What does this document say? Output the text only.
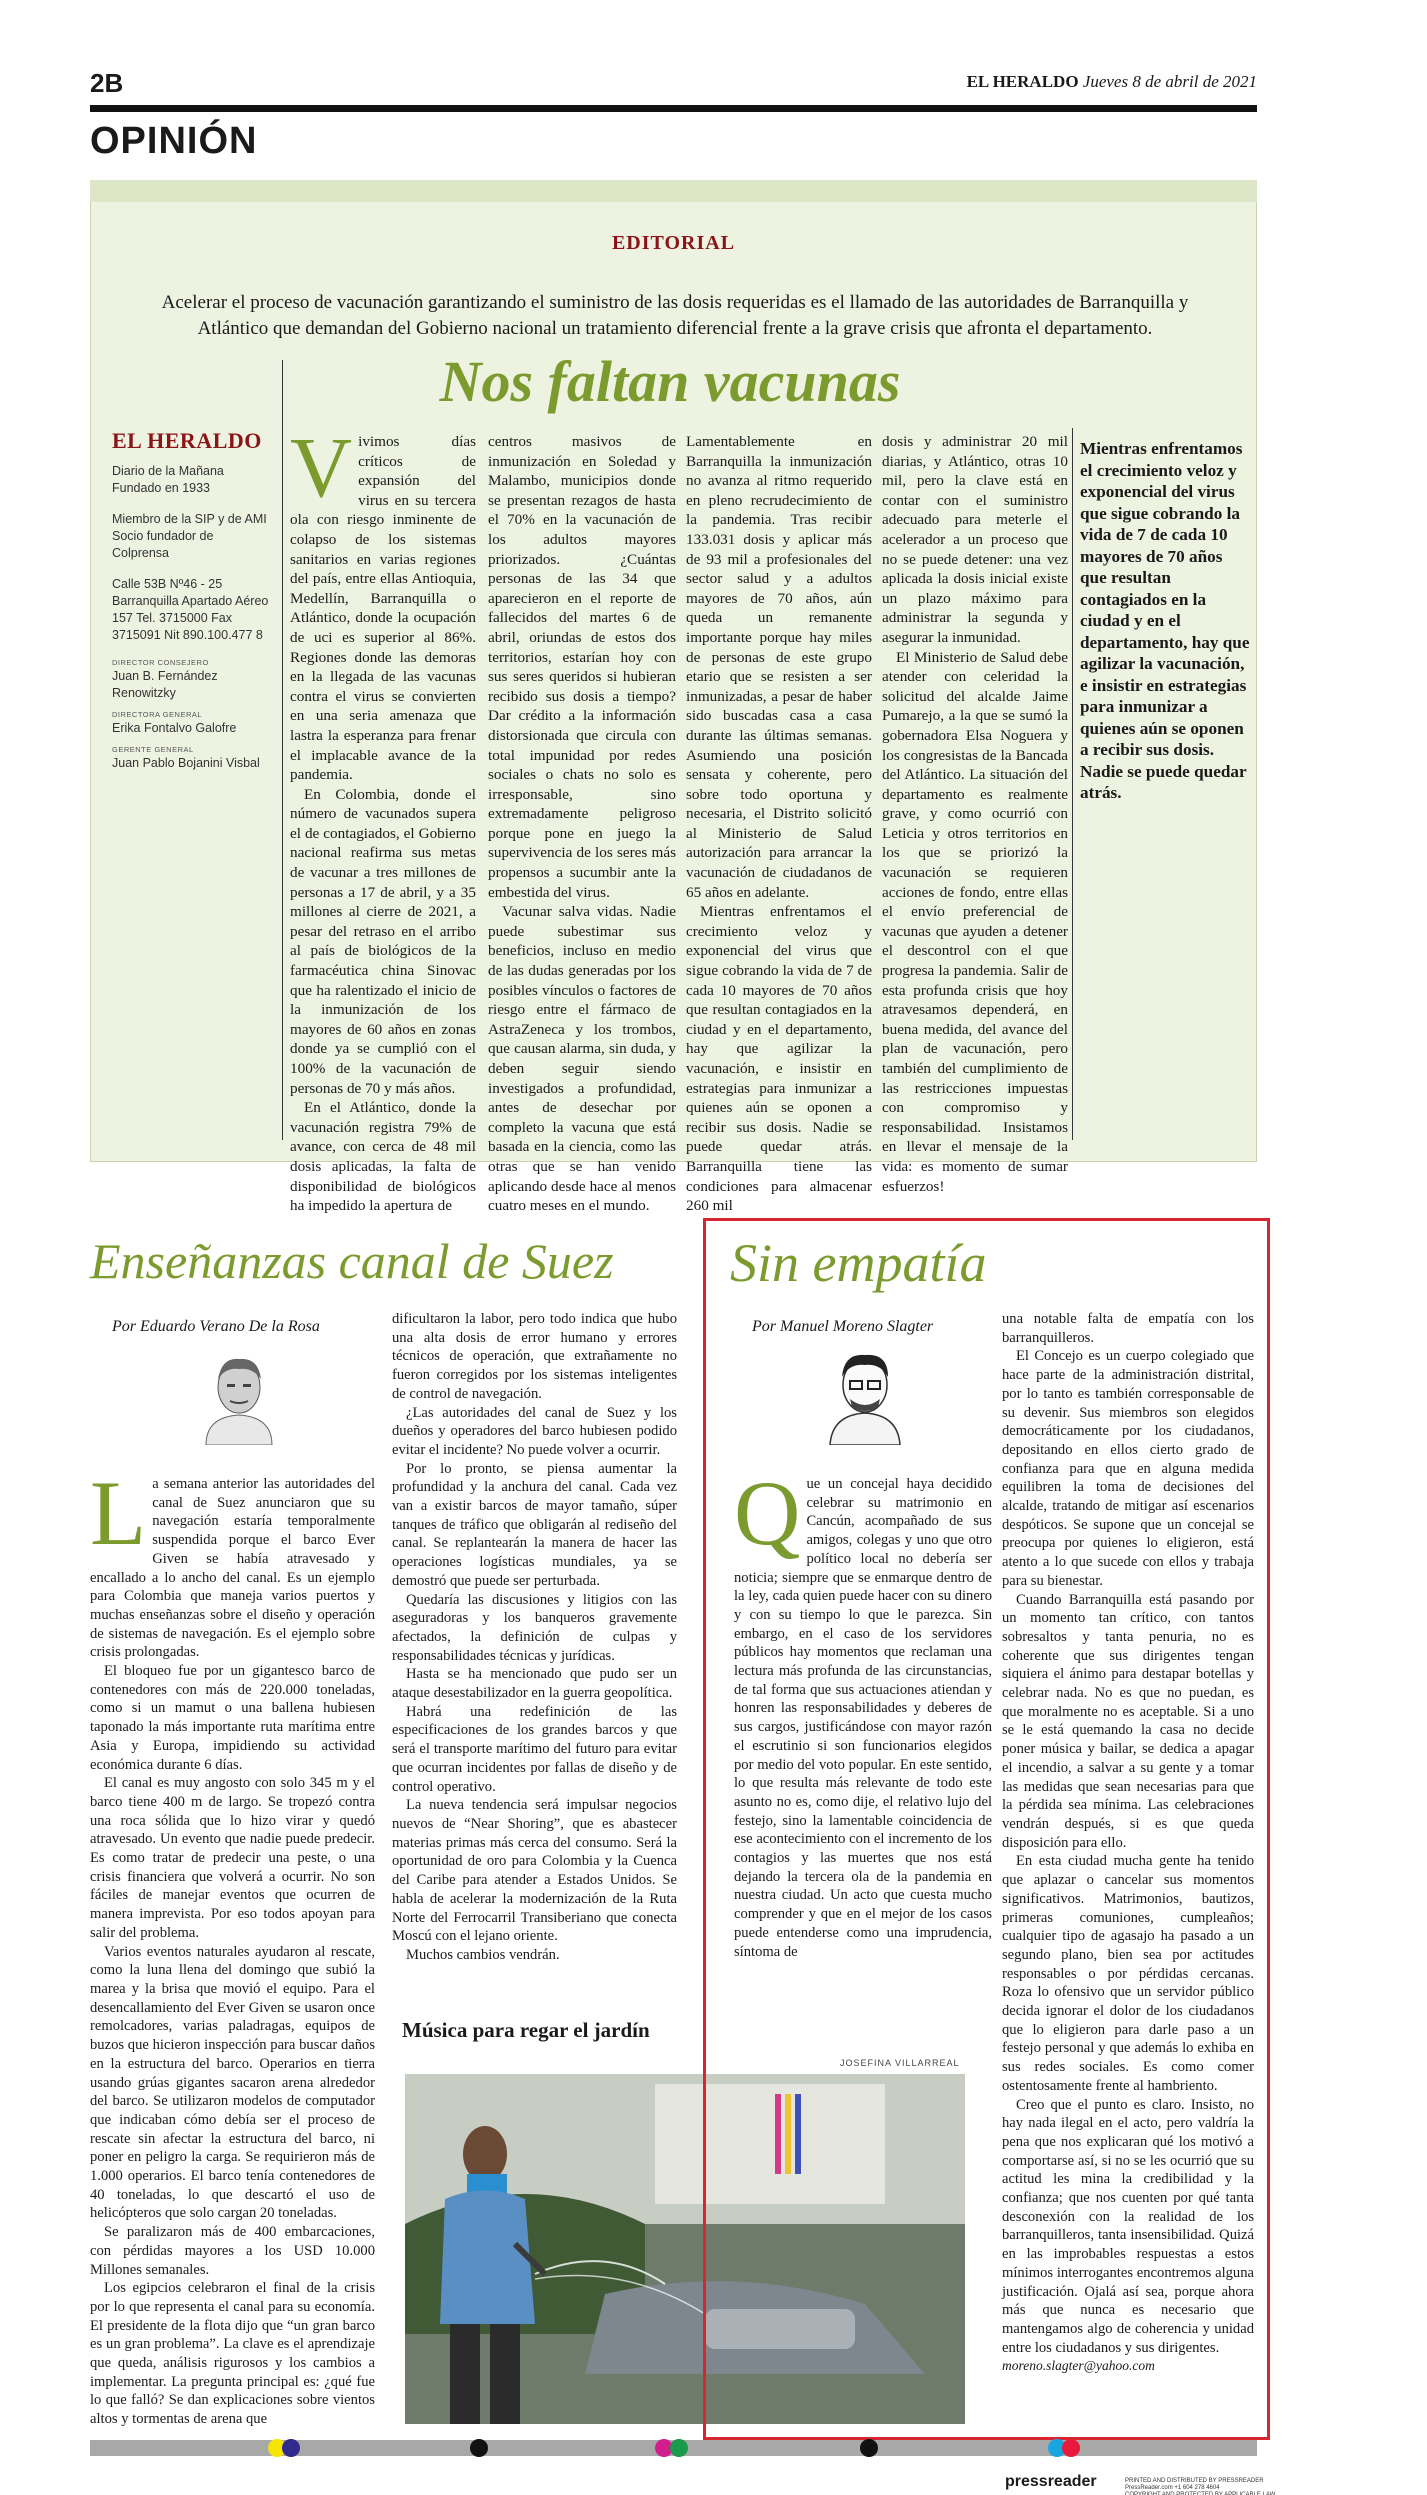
2B	EL HERALDO Jueves 8 de abril de 2021
OPINIÓN
EDITORIAL
Acelerar el proceso de vacunación garantizando el suministro de las dosis requeridas es el llamado de las autoridades de Barranquilla y Atlántico que demandan del Gobierno nacional un tratamiento diferencial frente a la grave crisis que afronta el departamento.
Nos faltan vacunas
EL HERALDO

Diario de la Mañana Fundado en 1933

Miembro de la SIP y de AMI Socio fundador de Colprensa

Calle 53B Nº46 - 25 Barranquilla Apartado Aéreo 157 Tel. 3715000 Fax 3715091 Nit 890.100.477 8

DIRECTOR CONSEJERO
Juan B. Fernández Renowitzky
DIRECTORA GENERAL
Erika Fontalvo Galofre
GERENTE GENERAL
Juan Pablo Bojanini Visbal

Vivimos días críticos de expansión del virus en su tercera ola con riesgo inminente de colapso de los sistemas sanitarios en varias regiones del país, entre ellas Antioquia, Medellín, Barranquilla o Atlántico, donde la ocupación de uci es superior al 86%. Regiones donde las demoras en la llegada de las vacunas contra el virus se convierten en una seria amenaza que lastra la esperanza para frenar el implacable avance de la pandemia.

En Colombia, donde el número de vacunados supera el de contagiados, el Gobierno nacional reafirma sus metas de vacunar a tres millones de personas a 17 de abril, y a 35 millones al cierre de 2021, a pesar del retraso en el arribo al país de biológicos de la farmacéutica china Sinovac que ha ralentizado el inicio de la inmunización de los mayores de 60 años en zonas donde ya se cumplió con el 100% de la vacunación de personas de 70 y más años.

En el Atlántico, donde la vacunación registra 79% de avance, con cerca de 48 mil dosis aplicadas, la falta de disponibilidad de biológicos ha impedido la apertura de

centros masivos de inmunización en Soledad y Malambo, municipios donde se presentan rezagos de hasta el 70% en la vacunación de los adultos mayores priorizados. ¿Cuántas personas de las 34 que aparecieron en el reporte de fallecidos del martes 6 de abril, oriundas de estos dos territorios, estarían hoy con sus seres queridos si hubieran recibido sus dosis a tiempo? Dar crédito a la información distorsionada que circula con total impunidad por redes sociales o chats no solo es irresponsable, sino extremadamente peligroso porque pone en juego la supervivencia de los seres más propensos a sucumbir ante la embestida del virus.

Vacunar salva vidas. Nadie puede subestimar sus beneficios, incluso en medio de las dudas generadas por los posibles vínculos o factores de riesgo entre el fármaco de AstraZeneca y los trombos, que causan alarma, sin duda, y deben seguir siendo investigados a profundidad, antes de desechar por completo la vacuna que está basada en la ciencia, como las otras que se han venido aplicando desde hace al menos cuatro meses en el mundo.

Lamentablemente en Barranquilla la inmunización no avanza al ritmo requerido en pleno recrudecimiento de la pandemia. Tras recibir 133.031 dosis y aplicar más de 93 mil a profesionales del sector salud y a adultos mayores de 70 años, aún queda un remanente importante porque hay miles de personas de este grupo etario que se resisten a ser inmunizadas, a pesar de haber sido buscadas casa a casa durante las últimas semanas. Asumiendo una posición sensata y coherente, pero sobre todo oportuna y necesaria, el Distrito solicitó al Ministerio de Salud autorización para arrancar la vacunación de ciudadanos de 65 años en adelante.

Mientras enfrentamos el crecimiento veloz y exponencial del virus que sigue cobrando la vida de 7 de cada 10 mayores de 70 años que resultan contagiados en la ciudad y en el departamento, hay que agilizar la vacunación, e insistir en estrategias para inmunizar a quienes aún se oponen a recibir sus dosis. Nadie se puede quedar atrás. Barranquilla tiene las condiciones para almacenar 260 mil

dosis y administrar 20 mil diarias, y Atlántico, otras 10 mil, pero la clave está en contar con el suministro adecuado para meterle el acelerador a un proceso que no se puede detener: una vez aplicada la dosis inicial existe un plazo máximo para administrar la segunda y asegurar la inmunidad.

El Ministerio de Salud debe atender con celeridad la solicitud del alcalde Jaime Pumarejo, a la que se sumó la gobernadora Elsa Noguera y los congresistas de la Bancada del Atlántico. La situación del departamento es realmente grave, y como ocurrió con Leticia y otros territorios en los que se priorizó la vacunación se requieren acciones de fondo, entre ellas el envío preferencial de vacunas que ayuden a detener el descontrol con el que progresa la pandemia. Salir de esta profunda crisis que hoy atravesamos dependerá, en buena medida, del avance del plan de vacunación, pero también del cumplimiento de las restricciones impuestas con compromiso y responsabilidad. Insistamos en llevar el mensaje de la vida: es momento de sumar esfuerzos!

Mientras enfrentamos el crecimiento veloz y exponencial del virus que sigue cobrando la vida de 7 de cada 10 mayores de 70 años que resultan contagiados en la ciudad y en el departamento, hay que agilizar la vacunación, e insistir en estrategias para inmunizar a quienes aún se oponen a recibir sus dosis. Nadie se puede quedar atrás.
Enseñanzas canal de Suez
Por Eduardo Verano De la Rosa

La semana anterior las autoridades del canal de Suez anunciaron que su navegación estaría temporalmente suspendida porque el barco Ever Given se había atravesado y encallado a lo ancho del canal. Es un ejemplo para Colombia que maneja varios puertos y muchas enseñanzas sobre el diseño y operación de sistemas de navegación. Es el ejemplo sobre crisis prolongadas.

El bloqueo fue por un gigantesco barco de contenedores con más de 220.000 toneladas, como si un mamut o una ballena hubiesen taponado la más importante ruta marítima entre Asia y Europa, impidiendo su actividad económica durante 6 días.

El canal es muy angosto con solo 345 m y el barco tiene 400 m de largo. Se tropezó contra una roca sólida que lo hizo virar y quedó atravesado. Un evento que nadie puede predecir. Es como tratar de predecir una peste, o una crisis financiera que volverá a ocurrir. No son fáciles de manejar eventos que ocurren de manera imprevista. Por eso todos apoyan para salir del problema.

Varios eventos naturales ayudaron al rescate, como la luna llena del domingo que subió la marea y la brisa que movió el equipo. Para el desencallamiento del Ever Given se usaron once remolcadores, varias paladragas, equipos de buzos que hicieron inspección para buscar daños en la estructura del barco. Operarios en tierra usando grúas gigantes sacaron arena alrededor del barco. Se utilizaron modelos de computador que indicaban cómo debía ser el proceso de rescate sin afectar la estructura del barco, ni poner en peligro la carga. Se requirieron más de 1.000 operarios. El barco tenía contenedores de 40 toneladas, lo que descartó el uso de helicópteros que solo cargan 20 toneladas.

Se paralizaron más de 400 embarcaciones, con pérdidas mayores a los USD 10.000 Millones semanales.

Los egipcios celebraron el final de la crisis por lo que representa el canal para su economía. El presidente de la flota dijo que “un gran barco es un gran problema”. La clave es el aprendizaje que queda, análisis rigurosos y los cambios a implementar. La pregunta principal es: ¿qué fue lo que falló? Se dan explicaciones sobre vientos altos y tormentas de arena que

dificultaron la labor, pero todo indica que hubo una alta dosis de error humano y errores técnicos de operación, que extrañamente no fueron corregidos por los sistemas inteligentes de control de navegación.

¿Las autoridades del canal de Suez y los dueños y operadores del barco hubiesen podido evitar el incidente? No puede volver a ocurrir.

Por lo pronto, se piensa aumentar la profundidad y la anchura del canal. Cada vez van a existir barcos de mayor tamaño, súper tanques de tráfico que obligarán al rediseño del canal. Se replantearán la manera de hacer las operaciones logísticas mundiales, ya se demostró que puede ser perturbada.

Quedaría las discusiones y litigios con las aseguradoras y los banqueros gravemente afectados, la definición de culpas y responsabilidades técnicas y jurídicas.

Hasta se ha mencionado que pudo ser un ataque desestabilizador en la guerra geopolítica.

Habrá una redefinición de las especificaciones de los grandes barcos y que será el transporte marítimo del futuro para evitar que ocurran incidentes por fallas de diseño y de control operativo.

La nueva tendencia será impulsar negocios nuevos de “Near Shoring”, que es abastecer materias primas más cerca del consumo. Será la oportunidad de oro para Colombia y la Cuenca del Caribe para atender a Estados Unidos. Se habla de acelerar la modernización de la Ruta Norte del Ferrocarril Transiberiano que conecta Moscú con el lejano oriente.

Muchos cambios vendrán.

Música para regar el jardín
JOSEFINA VILLARREAL
Sin empatía
Por Manuel Moreno Slagter

Que un concejal haya decidido celebrar su matrimonio en Cancún, acompañado de sus amigos, colegas y uno que otro político local no debería ser noticia; siempre que se enmarque dentro de la ley, cada quien puede hacer con su dinero y con su tiempo lo que le parezca. Sin embargo, en el caso de los servidores públicos hay momentos que reclaman una lectura más profunda de las circunstancias, de tal forma que sus actuaciones atiendan y honren las responsabilidades y deberes de sus cargos, justificándose con mayor razón el escrutinio si son funcionarios elegidos por medio del voto popular. En este sentido, lo que resulta más relevante de todo este asunto no es, como dije, el relativo lujo del festejo, sino la lamentable coincidencia de ese acontecimiento con el incremento de los contagios y las muertes que nos está dejando la tercera ola de la pandemia en nuestra ciudad. Un acto que cuesta mucho comprender y que en el mejor de los casos puede entenderse como una imprudencia, síntoma de

una notable falta de empatía con los barranquilleros.

El Concejo es un cuerpo colegiado que hace parte de la administración distrital, por lo tanto es también corresponsable de su devenir. Sus miembros son elegidos democráticamente por los ciudadanos, depositando en ellos cierto grado de confianza para que en alguna medida equilibren la toma de decisiones del alcalde, tratando de mitigar así escenarios despóticos. Se supone que un concejal se preocupa por quienes lo eligieron, está atento a lo que sucede con ellos y trabaja para su bienestar.

Cuando Barranquilla está pasando por un momento tan crítico, con tantos sobresaltos y tanta penuria, no es coherente que sus dirigentes tengan siquiera el ánimo para destapar botellas y celebrar nada. No es que no puedan, es que moralmente no es aceptable. Si a uno se le está quemando la casa no decide poner música y bailar, se dedica a apagar el incendio, a salvar a su gente y a tomar las medidas que sean necesarias para que la pérdida sea mínima. Las celebraciones vendrán después, si es que queda disposición para ello.

En esta ciudad mucha gente ha tenido que aplazar o cancelar sus momentos significativos. Matrimonios, bautizos, primeras comuniones, cumpleaños; cualquier tipo de agasajo ha pasado a un segundo plano, bien sea por actitudes responsables o por pérdidas cercanas. Roza lo ofensivo que un servidor público decida ignorar el dolor de los ciudadanos que lo eligieron para darle paso a un festejo personal y que además lo exhiba en sus redes sociales. Es como comer ostentosamente frente al hambriento.

Creo que el punto es claro. Insisto, no hay nada ilegal en el acto, pero valdría la pena que nos explicaran qué los motivó a comportarse así, si no se les ocurrió que su actitud les mina la credibilidad y la confianza; que nos cuenten por qué tanta desconexión con la realidad de los barranquilleros, tanta insensibilidad. Quizá en las improbables respuestas a estos mínimos interrogantes encontremos alguna justificación. Ojalá así sea, porque ahora más que nunca es necesario que mantengamos algo de coherencia y unidad entre los ciudadanos y sus dirigentes.

moreno.slagter@yahoo.com

pressreader	PRINTED AND DISTRIBUTED BY PRESSREADER
PressReader.com +1 604 278 4604
COPYRIGHT AND PROTECTED BY APPLICABLE LAW
